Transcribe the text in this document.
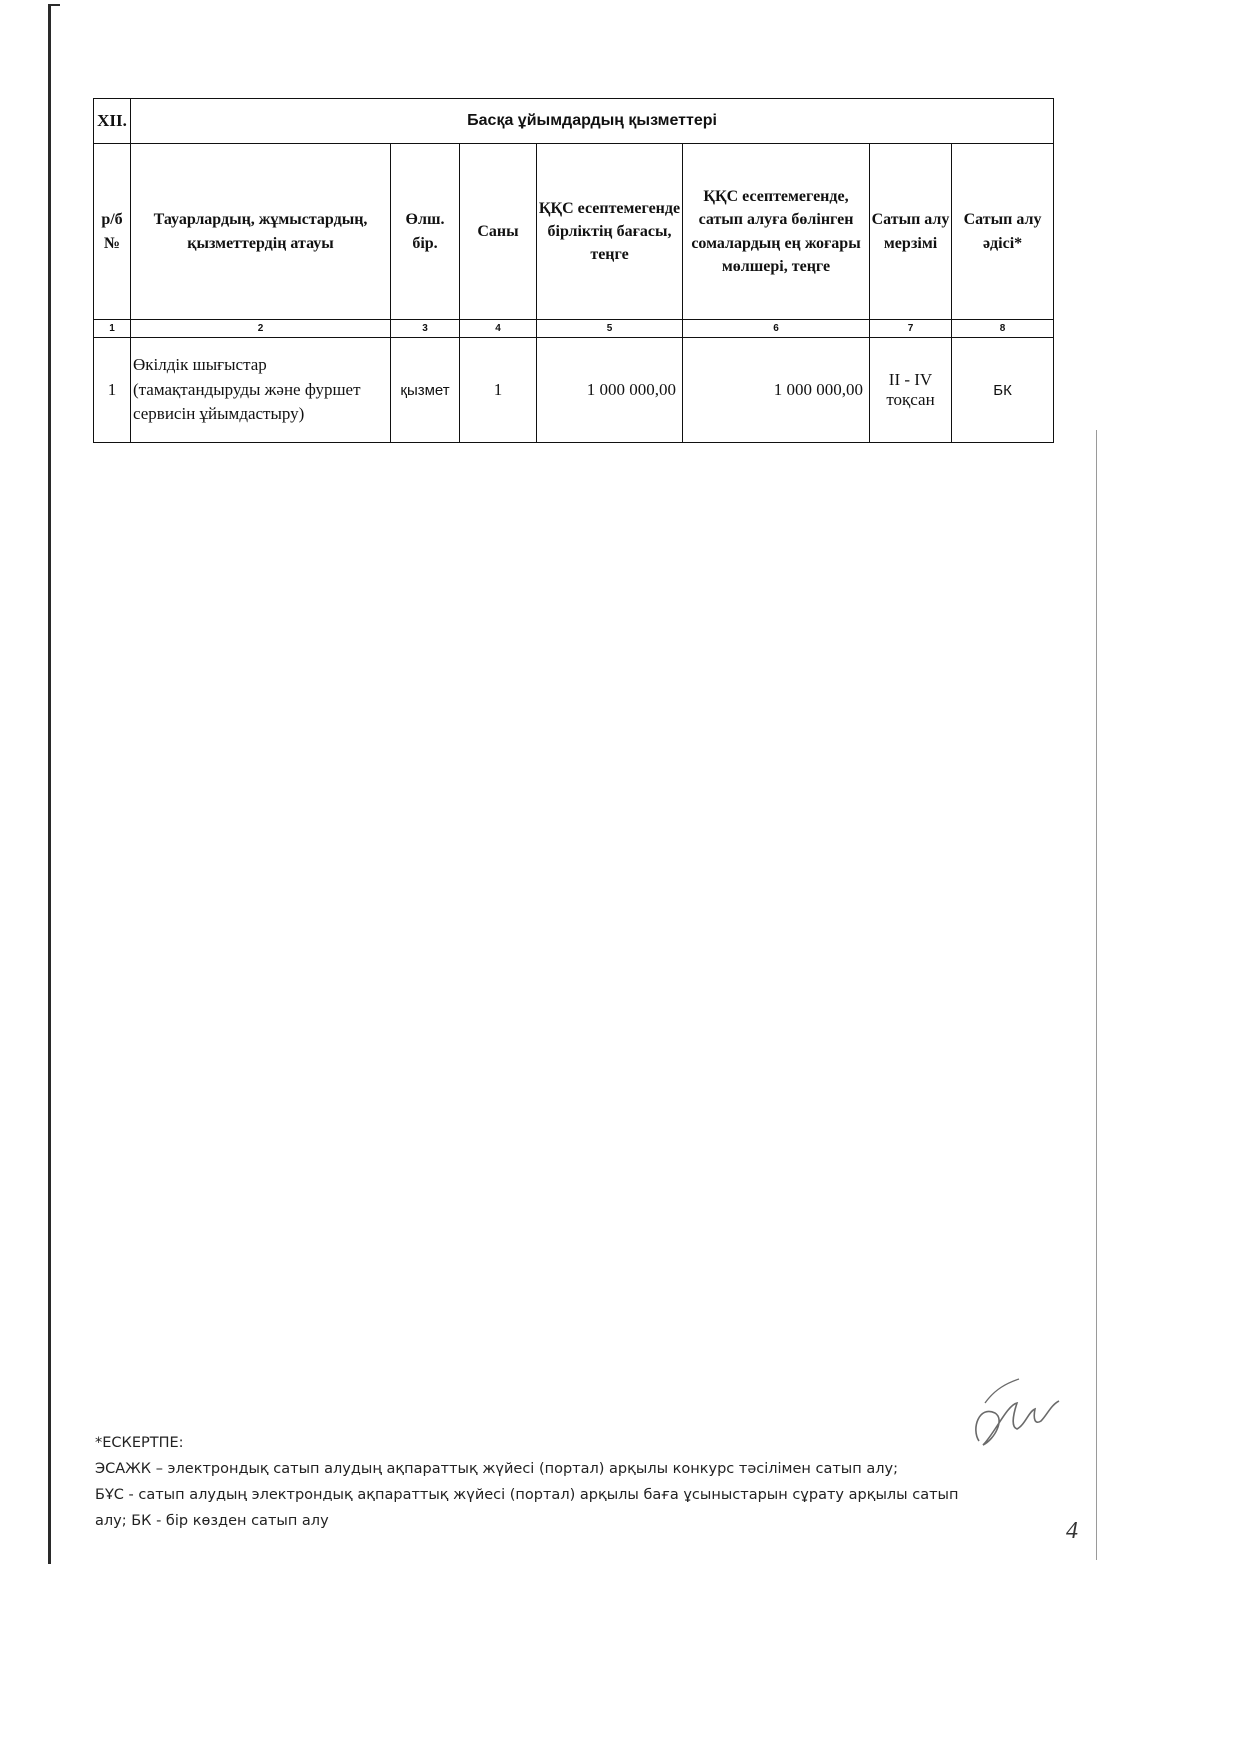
XII.	Басқа ұйымдардың қызметтері						
р/б №	Тауарлардың, жұмыстардың, қызметтердің атауы	Өлш. бір.	Саны	ҚҚС есептемегенде бірліктің бағасы, теңге	ҚҚС есептемегенде, сатып алуға бөлінген сомалардың ең жоғары мөлшері, теңге	Сатып алу мерзімі	Сатып алу әдісі*
1	2	3	4	5	6	7	8
1	Өкілдік шығыстар (тамақтандыруды және фуршет сервисін ұйымдастыру)	қызмет	1	1 000 000,00	1 000 000,00	II - IV тоқсан	БК

*ЕСКЕРТПЕ:

ЭСАЖК – электрондық сатып алудың ақпараттық жүйесі (портал) арқылы конкурс тәсілімен сатып алу;

БҰС - сатып алудың электрондық ақпараттық жүйесі (портал) арқылы баға ұсыныстарын сұрату арқылы сатып

алу; БК - бір көзден сатып алу	4
